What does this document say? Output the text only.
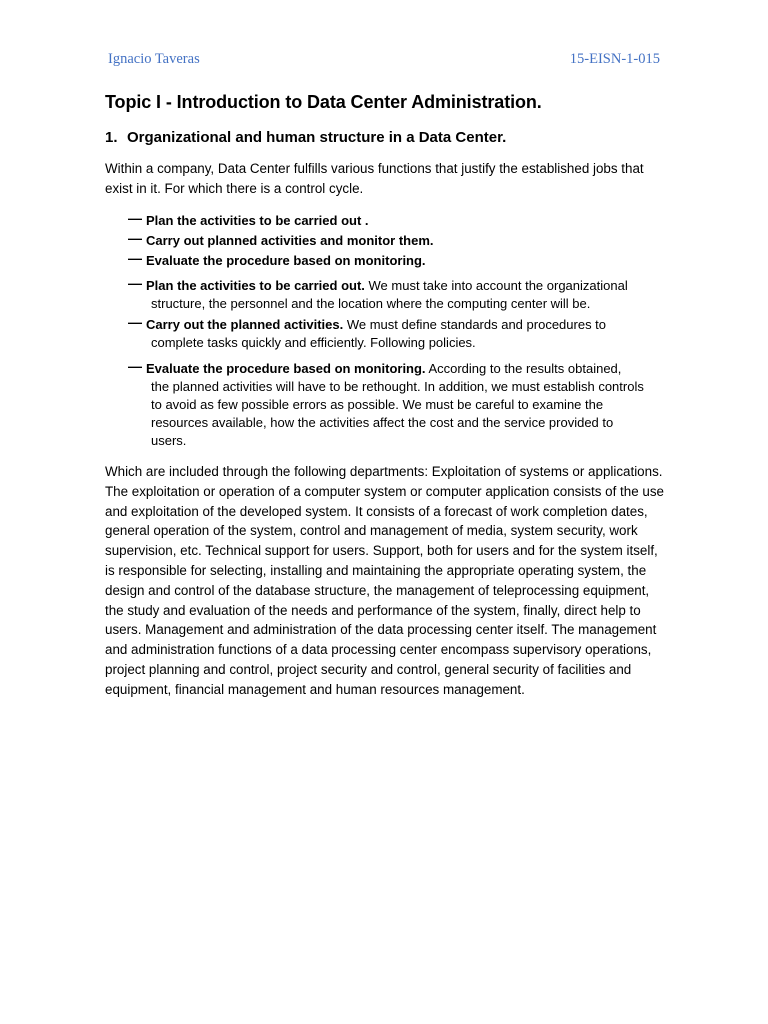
Ignacio Taveras	15-EISN-1-015
Topic I - Introduction to Data Center Administration.
1. Organizational and human structure in a Data Center.
Within a company, Data Center fulfills various functions that justify the established jobs that exist in it. For which there is a control cycle.
— Plan the activities to be carried out .
— Carry out planned activities and monitor them.
— Evaluate the procedure based on monitoring.
— Plan the activities to be carried out. We must take into account the organizational
structure, the personnel and the location where the computing center will be.
— Carry out the planned activities. We must define standards and procedures to
complete tasks quickly and efficiently. Following policies.
— Evaluate the procedure based on monitoring. According to the results obtained,
the planned activities will have to be rethought. In addition, we must establish controls to avoid as few possible errors as possible. We must be careful to examine the resources available, how the activities affect the cost and the service provided to users.
Which are included through the following departments: Exploitation of systems or applications. The exploitation or operation of a computer system or computer application consists of the use and exploitation of the developed system. It consists of a forecast of work completion dates, general operation of the system, control and management of media, system security, work supervision, etc. Technical support for users. Support, both for users and for the system itself, is responsible for selecting, installing and maintaining the appropriate operating system, the design and control of the database structure, the management of teleprocessing equipment, the study and evaluation of the needs and performance of the system, finally, direct help to users. Management and administration of the data processing center itself. The management and administration functions of a data processing center encompass supervisory operations, project planning and control, project security and control, general security of facilities and equipment, financial management and human resources management.
